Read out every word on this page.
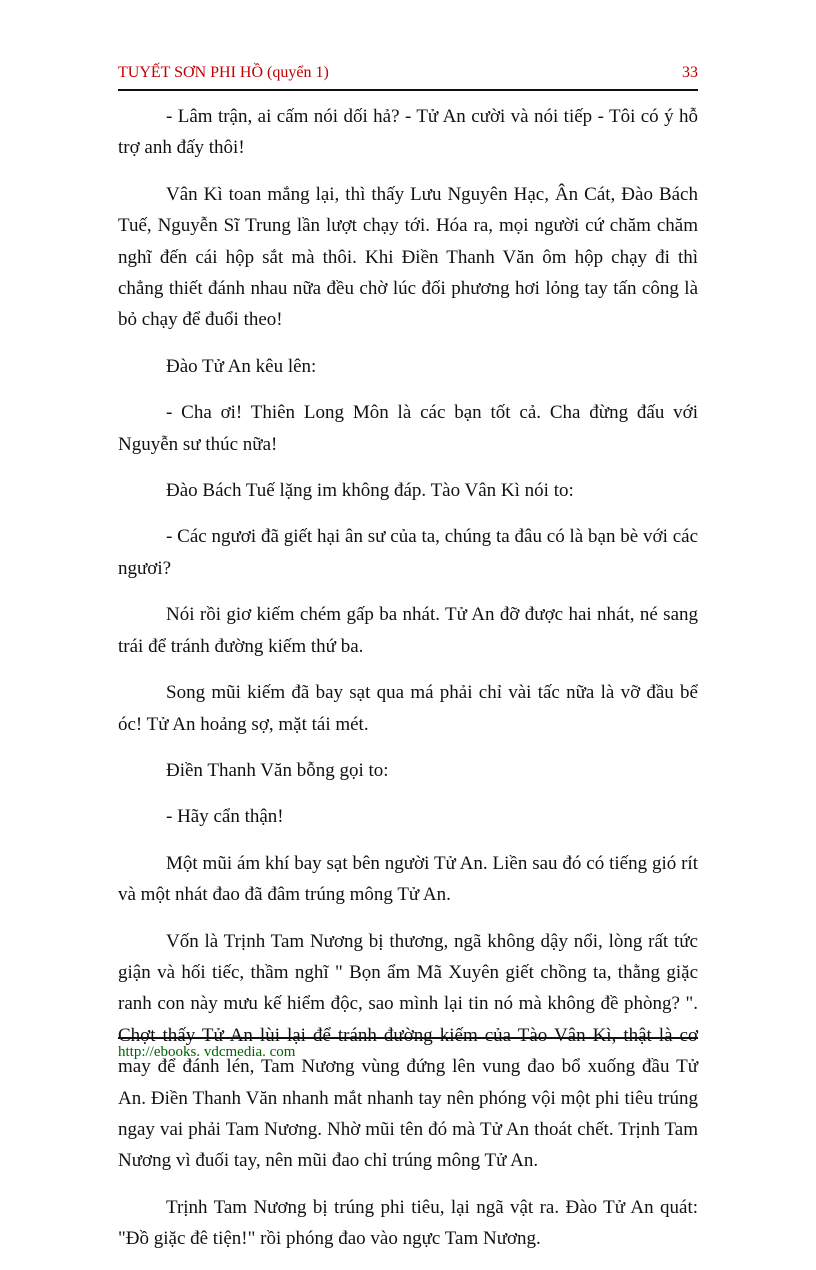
TUYẾT SƠN PHI HỒ (quyển 1)	33

- Lâm trận, ai cấm nói dối hả? - Tử An cười và nói tiếp - Tôi có ý hỗ trợ anh đấy thôi!

Vân Kì toan mắng lại, thì thấy Lưu Nguyên Hạc, Ân Cát, Đào Bách Tuế, Nguyễn Sĩ Trung lần lượt chạy tới. Hóa ra, mọi người cứ chăm chăm nghĩ đến cái hộp sắt mà thôi. Khi Điền Thanh Văn ôm hộp chạy đi thì chẳng thiết đánh nhau nữa đều chờ lúc đối phương hơi lỏng tay tấn công là bỏ chạy để đuổi theo!

Đào Tử An kêu lên:

- Cha ơi! Thiên Long Môn là các bạn tốt cả. Cha đừng đấu với Nguyễn sư thúc nữa!

Đào Bách Tuế lặng im không đáp. Tào Vân Kì nói to:

- Các ngươi đã giết hại ân sư của ta, chúng ta đâu có là bạn bè với các ngươi?

Nói rồi giơ kiếm chém gấp ba nhát. Tử An đỡ được hai nhát, né sang trái để tránh đường kiếm thứ ba.

Song mũi kiếm đã bay sạt qua má phải chỉ vài tấc nữa là vỡ đầu bể óc! Tử An hoảng sợ, mặt tái mét.

Điền Thanh Văn bỗng gọi to:

- Hãy cẩn thận!

Một mũi ám khí bay sạt bên người Tử An. Liền sau đó có tiếng gió rít và một nhát đao đã đâm trúng mông Tử An.

Vốn là Trịnh Tam Nương bị thương, ngã không dậy nổi, lòng rất tức giận và hối tiếc, thầm nghĩ " Bọn ẩm Mã Xuyên giết chồng ta, thằng giặc ranh con này mưu kế hiểm độc, sao mình lại tin nó mà không đề phòng? ". Chợt thấy Tử An lùi lại để tránh đường kiếm của Tào Vân Kì, thật là cơ may để đánh lén, Tam Nương vùng đứng lên vung đao bổ xuống đầu Tử An. Điền Thanh Văn nhanh mắt nhanh tay nên phóng vội một phi tiêu trúng ngay vai phải Tam Nương. Nhờ mũi tên đó mà Tử An thoát chết. Trịnh Tam Nương vì đuối tay, nên mũi đao chỉ trúng mông Tử An.

Trịnh Tam Nương bị trúng phi tiêu, lại ngã vật ra. Đào Tử An quát: "Đồ giặc đê tiện!" rồi phóng đao vào ngực Tam Nương.

http://ebooks. vdcmedia. com
